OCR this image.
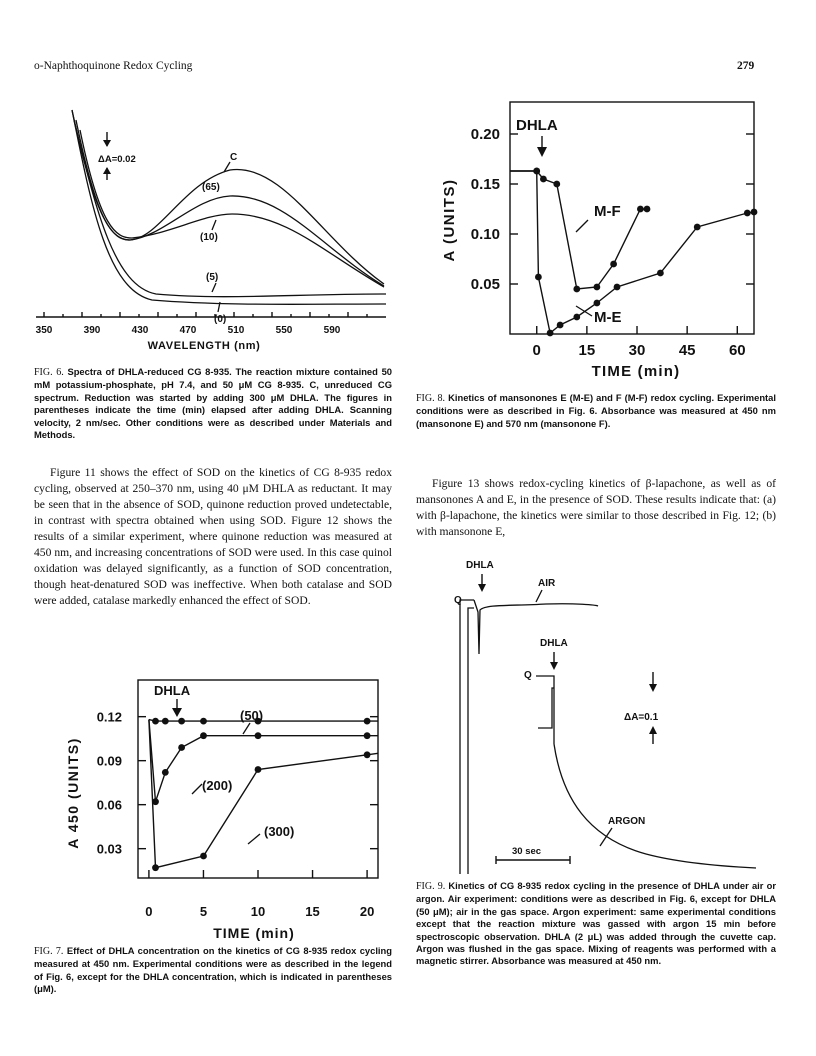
o-Naphthoquinone Redox Cycling	279
350	390	430	470	510	550	590
WAVELENGTH (nm)
ΔA=0.02	C
(65)
(10)
(5)
(0)
FIG. 6. Spectra of DHLA-reduced CG 8-935. The reaction mixture contained 50 mM potassium-phosphate, pH 7.4, and 50 μM CG 8-935. C, unreduced CG spectrum. Reduction was started by adding 300 μM DHLA. The figures in parentheses indicate the time (min) elapsed after adding DHLA. Scanning velocity, 2 nm/sec. Other conditions were as described under Materials and Methods.
Figure 11 shows the effect of SOD on the kinetics of CG 8-935 redox cycling, observed at 250–370 nm, using 40 μM DHLA as reductant. It may be seen that in the absence of SOD, quinone reduction proved undetectable, in contrast with spectra obtained when using SOD. Figure 12 shows the results of a similar experiment, where quinone reduction was measured at 450 nm, and increasing concentrations of SOD were used. In this case quinol oxidation was delayed significantly, as a function of SOD concentration, though heat-denatured SOD was ineffective. When both catalase and SOD were added, catalase markedly enhanced the effect of SOD.
0.12
0.09
0.06
0.03
0	5	10	15	20
TIME (min)
A 450 (UNITS)
DHLA
(50)
(200)
(300)
FIG. 7. Effect of DHLA concentration on the kinetics of CG 8-935 redox cycling measured at 450 nm. Experimental conditions were as described in the legend of Fig. 6, except for the DHLA concentration, which is indicated in parentheses (μM).
0.20
0.15
0.10
0.05
0	15 30 45 60
TIME (min)
A (UNITS)
DHLA
M-F
M-E
FIG. 8. Kinetics of mansonones E (M-E) and F (M-F) redox cycling. Experimental conditions were as described in Fig. 6. Absorbance was measured at 450 nm (mansonone E) and 570 nm (mansonone F).
Figure 13 shows redox-cycling kinetics of β-lapachone, as well as of mansonones A and E, in the presence of SOD. These results indicate that: (a) with β-lapachone, the kinetics were similar to those described in Fig. 12; (b) with mansonone E,
DHLA
Q
AIR
DHLA
Q
ΔA=0.1
ARGON
30 sec
FIG. 9. Kinetics of CG 8-935 redox cycling in the presence of DHLA under air or argon. Air experiment: conditions were as described in Fig. 6, except for DHLA (50 μM); air in the gas space. Argon experiment: same experimental conditions except that the reaction mixture was gassed with argon 15 min before spectroscopic observation. DHLA (2 μL) was added through the cuvette cap. Argon was flushed in the gas space. Mixing of reagents was performed with a magnetic stirrer. Absorbance was measured at 450 nm.
